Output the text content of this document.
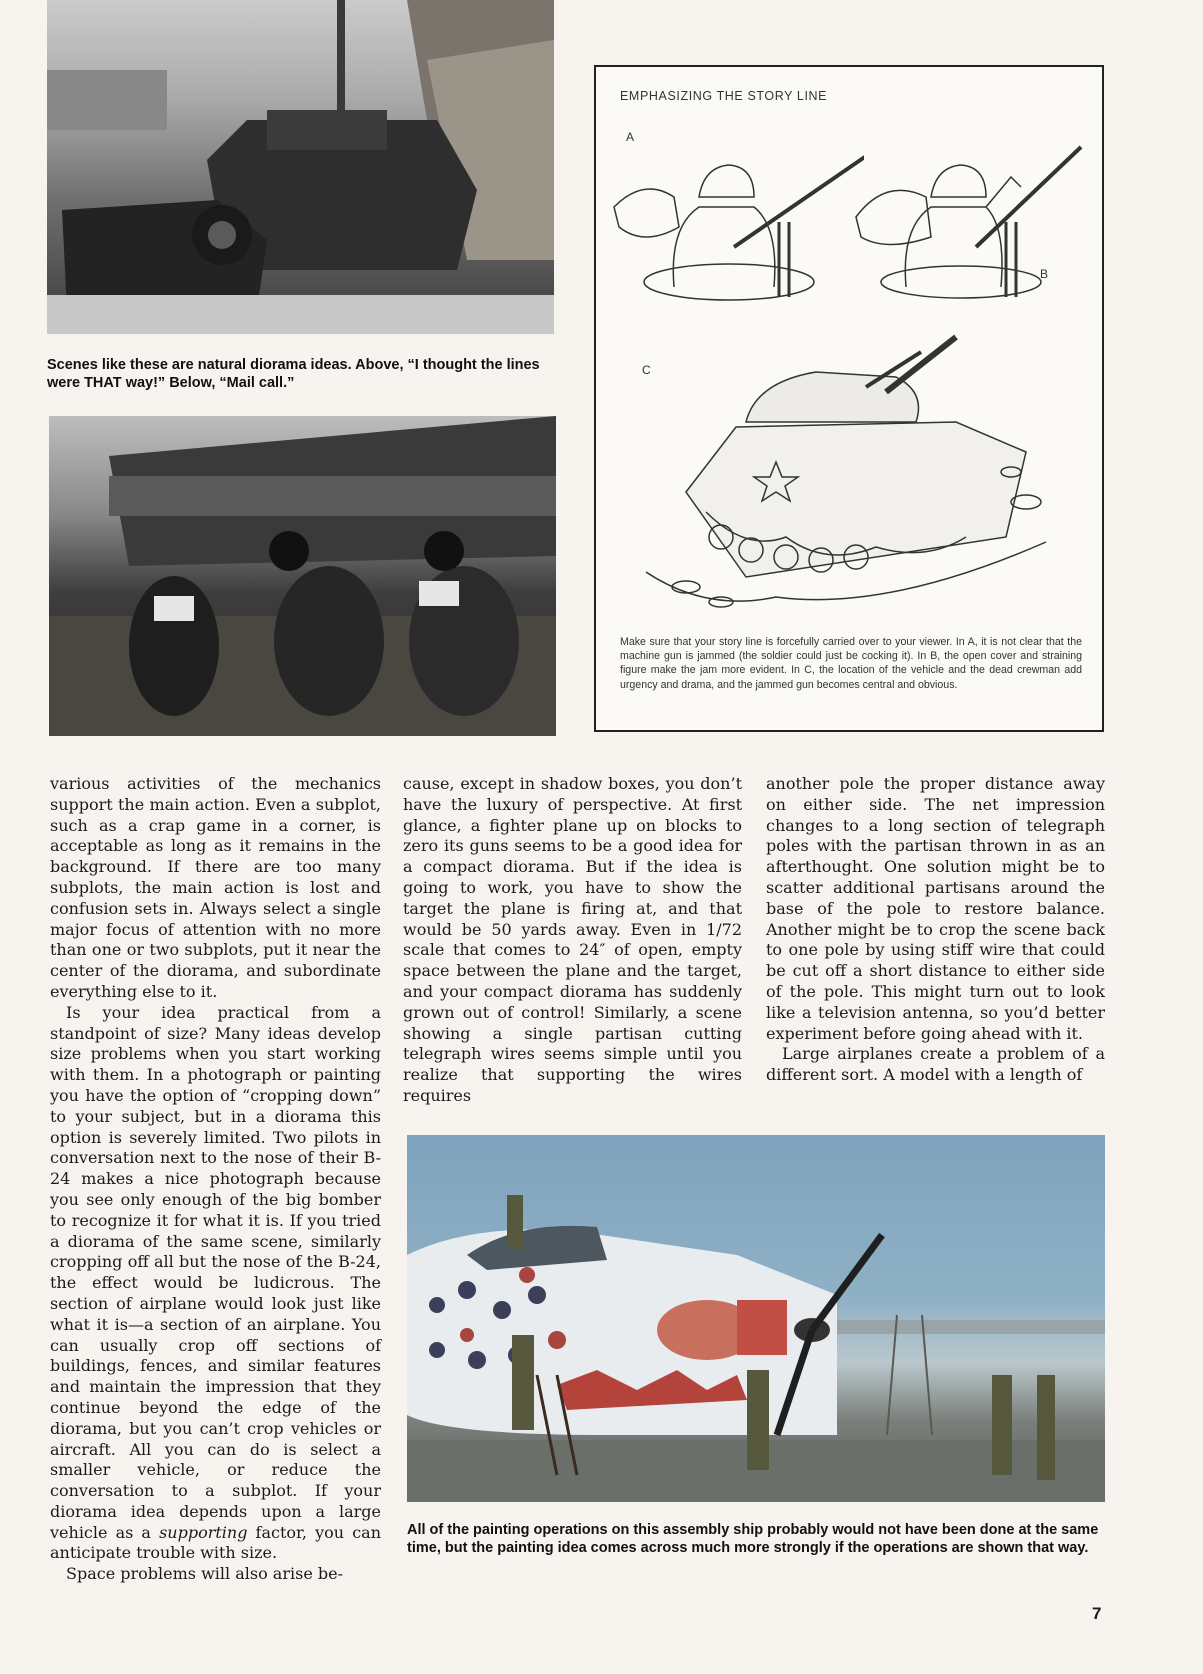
Scenes like these are natural diorama ideas. Above, “I thought the lines were THAT way!” Below, “Mail call.”
EMPHASIZING THE STORY LINE
A
B
C
Make sure that your story line is forcefully carried over to your viewer. In A, it is not clear that the machine gun is jammed (the soldier could just be cocking it). In B, the open cover and straining figure make the jam more evident. In C, the location of the vehicle and the dead crewman add urgency and drama, and the jammed gun becomes central and obvious.

various activities of the mechanics support the main action. Even a subplot, such as a crap game in a corner, is acceptable as long as it remains in the background. If there are too many subplots, the main action is lost and confusion sets in. Always select a single major focus of attention with no more than one or two subplots, put it near the center of the diorama, and subordinate everything else to it.

Is your idea practical from a standpoint of size? Many ideas develop size problems when you start working with them. In a photograph or painting you have the option of “cropping down” to your subject, but in a diorama this option is severely limited. Two pilots in conversation next to the nose of their B-24 makes a nice photograph because you see only enough of the big bomber to recognize it for what it is. If you tried a diorama of the same scene, similarly cropping off all but the nose of the B-24, the effect would be ludicrous. The section of airplane would look just like what it is—a section of an airplane. You can usually crop off sections of buildings, fences, and similar features and maintain the impression that they continue beyond the edge of the diorama, but you can’t crop vehicles or aircraft. All you can do is select a smaller vehicle, or reduce the conversation to a subplot. If your diorama idea depends upon a large vehicle as a supporting factor, you can anticipate trouble with size.

Space problems will also arise be-

cause, except in shadow boxes, you don’t have the luxury of perspective. At first glance, a fighter plane up on blocks to zero its guns seems to be a good idea for a compact diorama. But if the idea is going to work, you have to show the target the plane is firing at, and that would be 50 yards away. Even in 1/72 scale that comes to 24″ of open, empty space between the plane and the target, and your compact diorama has suddenly grown out of control! Similarly, a scene showing a single partisan cutting telegraph wires seems simple until you realize that supporting the wires requires

another pole the proper distance away on either side. The net impression changes to a long section of telegraph poles with the partisan thrown in as an afterthought. One solution might be to scatter additional partisans around the base of the pole to restore balance. Another might be to crop the scene back to one pole by using stiff wire that could be cut off a short distance to either side of the pole. This might turn out to look like a television antenna, so you’d better experiment before going ahead with it.

Large airplanes create a problem of a different sort. A model with a length of

All of the painting operations on this assembly ship probably would not have been done at the same time, but the painting idea comes across much more strongly if the operations are shown that way.
7
